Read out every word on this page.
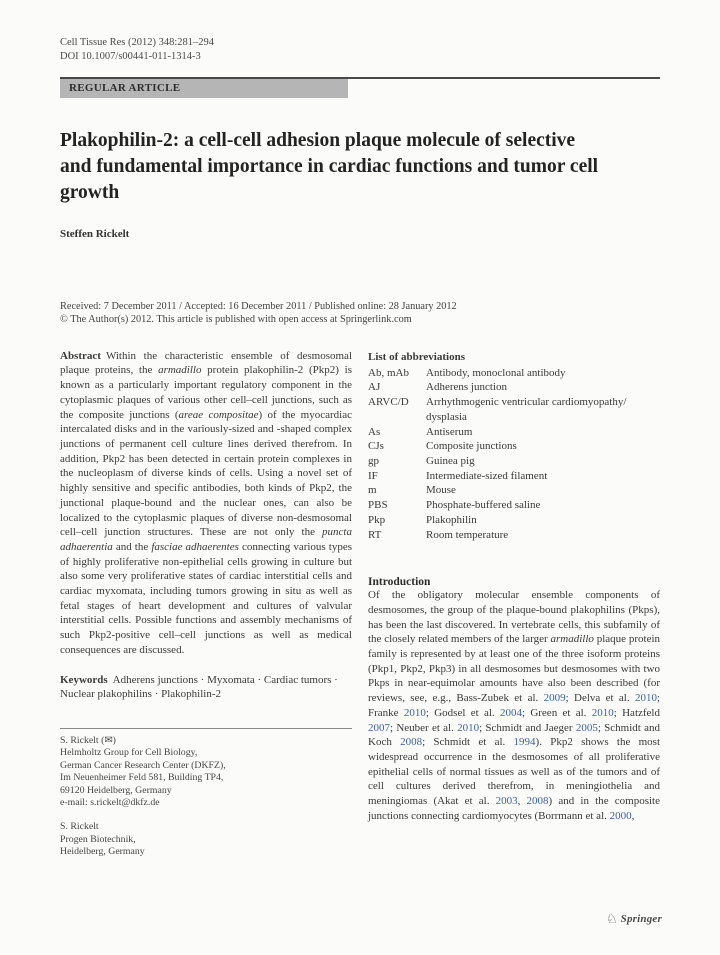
Cell Tissue Res (2012) 348:281–294
DOI 10.1007/s00441-011-1314-3
REGULAR ARTICLE
Plakophilin-2: a cell-cell adhesion plaque molecule of selective and fundamental importance in cardiac functions and tumor cell growth
Steffen Rickelt
Received: 7 December 2011 / Accepted: 16 December 2011 / Published online: 28 January 2012
© The Author(s) 2012. This article is published with open access at Springerlink.com

Abstract Within the characteristic ensemble of desmosomal plaque proteins, the armadillo protein plakophilin-2 (Pkp2) is known as a particularly important regulatory component in the cytoplasmic plaques of various other cell–cell junctions, such as the composite junctions (areae compositae) of the myocardiac intercalated disks and in the variously-sized and -shaped complex junctions of permanent cell culture lines derived therefrom. In addition, Pkp2 has been detected in certain protein complexes in the nucleoplasm of diverse kinds of cells. Using a novel set of highly sensitive and specific antibodies, both kinds of Pkp2, the junctional plaque-bound and the nuclear ones, can also be localized to the cytoplasmic plaques of diverse non-desmosomal cell–cell junction structures. These are not only the puncta adhaerentia and the fasciae adhaerentes connecting various types of highly proliferative non-epithelial cells growing in culture but also some very proliferative states of cardiac interstitial cells and cardiac myxomata, including tumors growing in situ as well as fetal stages of heart development and cultures of valvular interstitial cells. Possible functions and assembly mechanisms of such Pkp2-positive cell–cell junctions as well as medical consequences are discussed.

Keywords Adherens junctions · Myxomata · Cardiac tumors · Nuclear plakophilins · Plakophilin-2

S. Rickelt (✉)
Helmholtz Group for Cell Biology,
German Cancer Research Center (DKFZ),
Im Neuenheimer Feld 581, Building TP4,
69120 Heidelberg, Germany
e-mail: s.rickelt@dkfz.de
S. Rickelt
Progen Biotechnik,
Heidelberg, Germany
List of abbreviations
Ab, mAb	Antibody, monoclonal antibody
AJ	Adherens junction
ARVC/D	Arrhythmogenic ventricular cardiomyopathy/ dysplasia
As	Antiserum
CJs	Composite junctions
gp	Guinea pig
IF	Intermediate-sized filament
m	Mouse
PBS	Phosphate-buffered saline
Pkp	Plakophilin
RT	Room temperature
Introduction

Of the obligatory molecular ensemble components of desmosomes, the group of the plaque-bound plakophilins (Pkps), has been the last discovered. In vertebrate cells, this subfamily of the closely related members of the larger armadillo plaque protein family is represented by at least one of the three isoform proteins (Pkp1, Pkp2, Pkp3) in all desmosomes but desmosomes with two Pkps in near-equimolar amounts have also been described (for reviews, see, e.g., Bass-Zubek et al. 2009; Delva et al. 2010; Franke 2010; Godsel et al. 2004; Green et al. 2010; Hatzfeld 2007; Neuber et al. 2010; Schmidt and Jaeger 2005; Schmidt and Koch 2008; Schmidt et al. 1994). Pkp2 shows the most widespread occurrence in the desmosomes of all proliferative epithelial cells of normal tissues as well as of the tumors and of cell cultures derived therefrom, in meningiothelia and meningiomas (Akat et al. 2003, 2008) and in the composite junctions connecting cardiomyocytes (Borrmann et al. 2000,

♘ Springer
